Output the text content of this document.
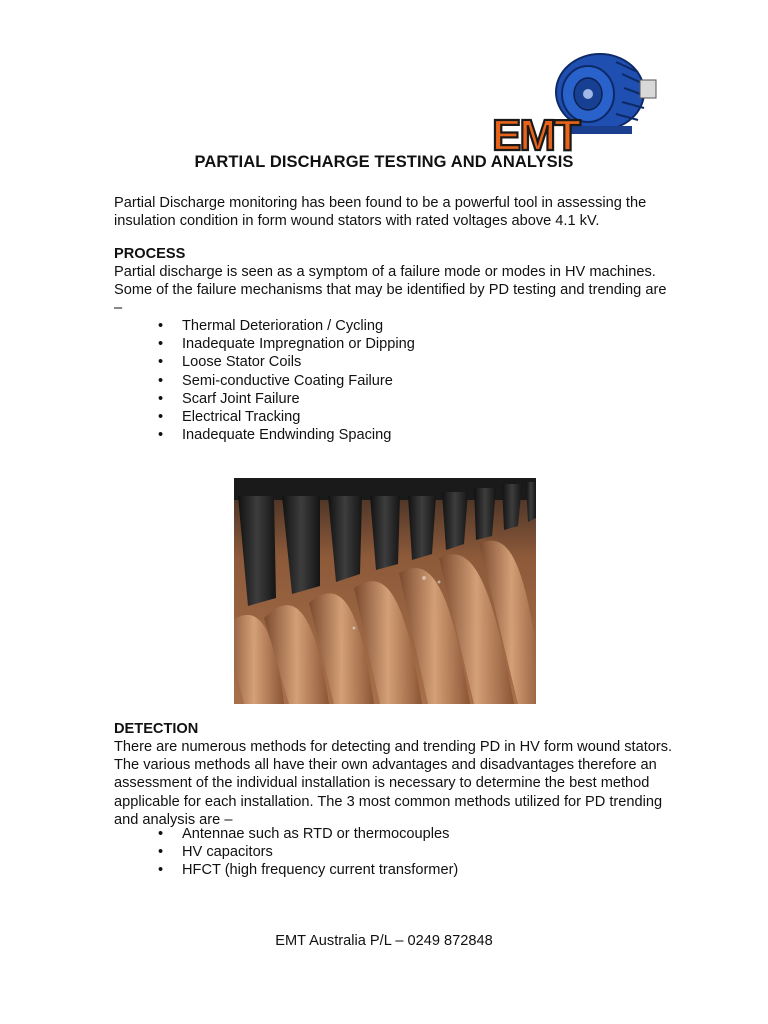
EMT
PARTIAL DISCHARGE TESTING AND ANALYSIS
Partial Discharge monitoring has been found to be a powerful tool in assessing the insulation condition in form wound stators with rated voltages above 4.1 kV.
PROCESS
Partial discharge is seen as a symptom of a failure mode or modes in HV machines. Some of the failure mechanisms that may be identified by PD testing and trending are –
• Thermal Deterioration / Cycling
• Inadequate Impregnation or Dipping
• Loose Stator Coils
• Semi-conductive Coating Failure
• Scarf Joint Failure
• Electrical Tracking
• Inadequate Endwinding Spacing
DETECTION
There are numerous methods for detecting and trending PD in HV form wound stators. The various methods all have their own advantages and disadvantages therefore an assessment of the individual installation is necessary to determine the best method applicable for each installation. The 3 most common methods utilized for PD trending and analysis are –
• Antennae such as RTD or thermocouples
• HV capacitors
• HFCT (high frequency current transformer)
EMT Australia P/L – 0249 872848
